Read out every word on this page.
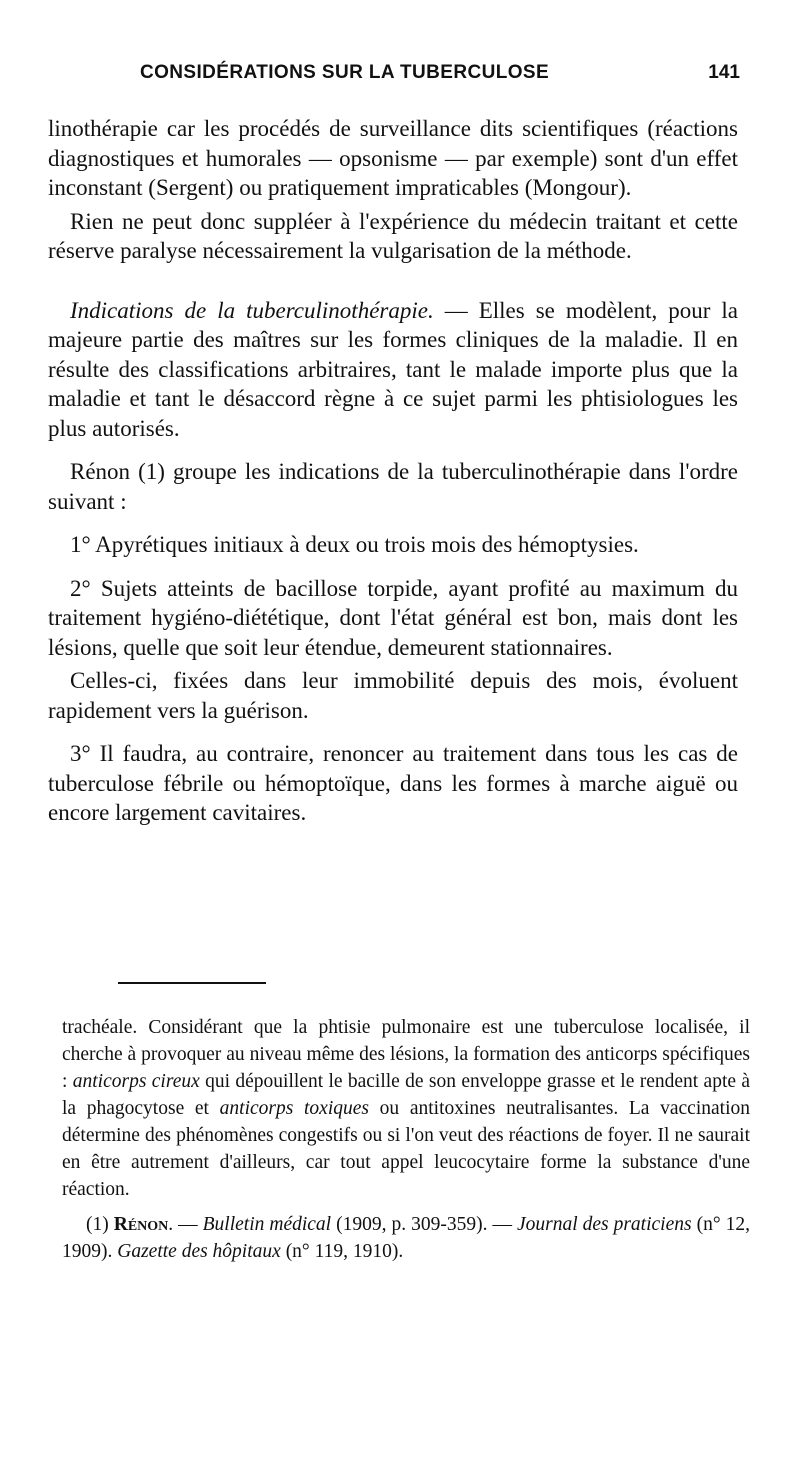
CONSIDÉRATIONS SUR LA TUBERCULOSE	141

linothérapie car les procédés de surveillance dits scientifiques (réactions diagnostiques et humorales — opsonisme — par exemple) sont d'un effet inconstant (Sergent) ou pratiquement impraticables (Mongour).

Rien ne peut donc suppléer à l'expérience du médecin traitant et cette réserve paralyse nécessairement la vulgarisation de la méthode.

Indications de la tuberculinothérapie. — Elles se modèlent, pour la majeure partie des maîtres sur les formes cliniques de la maladie. Il en résulte des classifications arbitraires, tant le malade importe plus que la maladie et tant le désaccord règne à ce sujet parmi les phtisiologues les plus autorisés.

Rénon (1) groupe les indications de la tuberculinothérapie dans l'ordre suivant :

1° Apyrétiques initiaux à deux ou trois mois des hémoptysies.

2° Sujets atteints de bacillose torpide, ayant profité au maximum du traitement hygiéno-diététique, dont l'état général est bon, mais dont les lésions, quelle que soit leur étendue, demeurent stationnaires.

Celles-ci, fixées dans leur immobilité depuis des mois, évoluent rapidement vers la guérison.

3° Il faudra, au contraire, renoncer au traitement dans tous les cas de tuberculose fébrile ou hémoptoïque, dans les formes à marche aiguë ou encore largement cavitaires.

trachéale. Considérant que la phtisie pulmonaire est une tuberculose localisée, il cherche à provoquer au niveau même des lésions, la formation des anticorps spécifiques : anticorps cireux qui dépouillent le bacille de son enveloppe grasse et le rendent apte à la phagocytose et anticorps toxiques ou antitoxines neutralisantes. La vaccination détermine des phénomènes congestifs ou si l'on veut des réactions de foyer. Il ne saurait en être autrement d'ailleurs, car tout appel leucocytaire forme la substance d'une réaction.

(1) Rénon. — Bulletin médical (1909, p. 309-359). — Journal des praticiens (n° 12, 1909). Gazette des hôpitaux (n° 119, 1910).
